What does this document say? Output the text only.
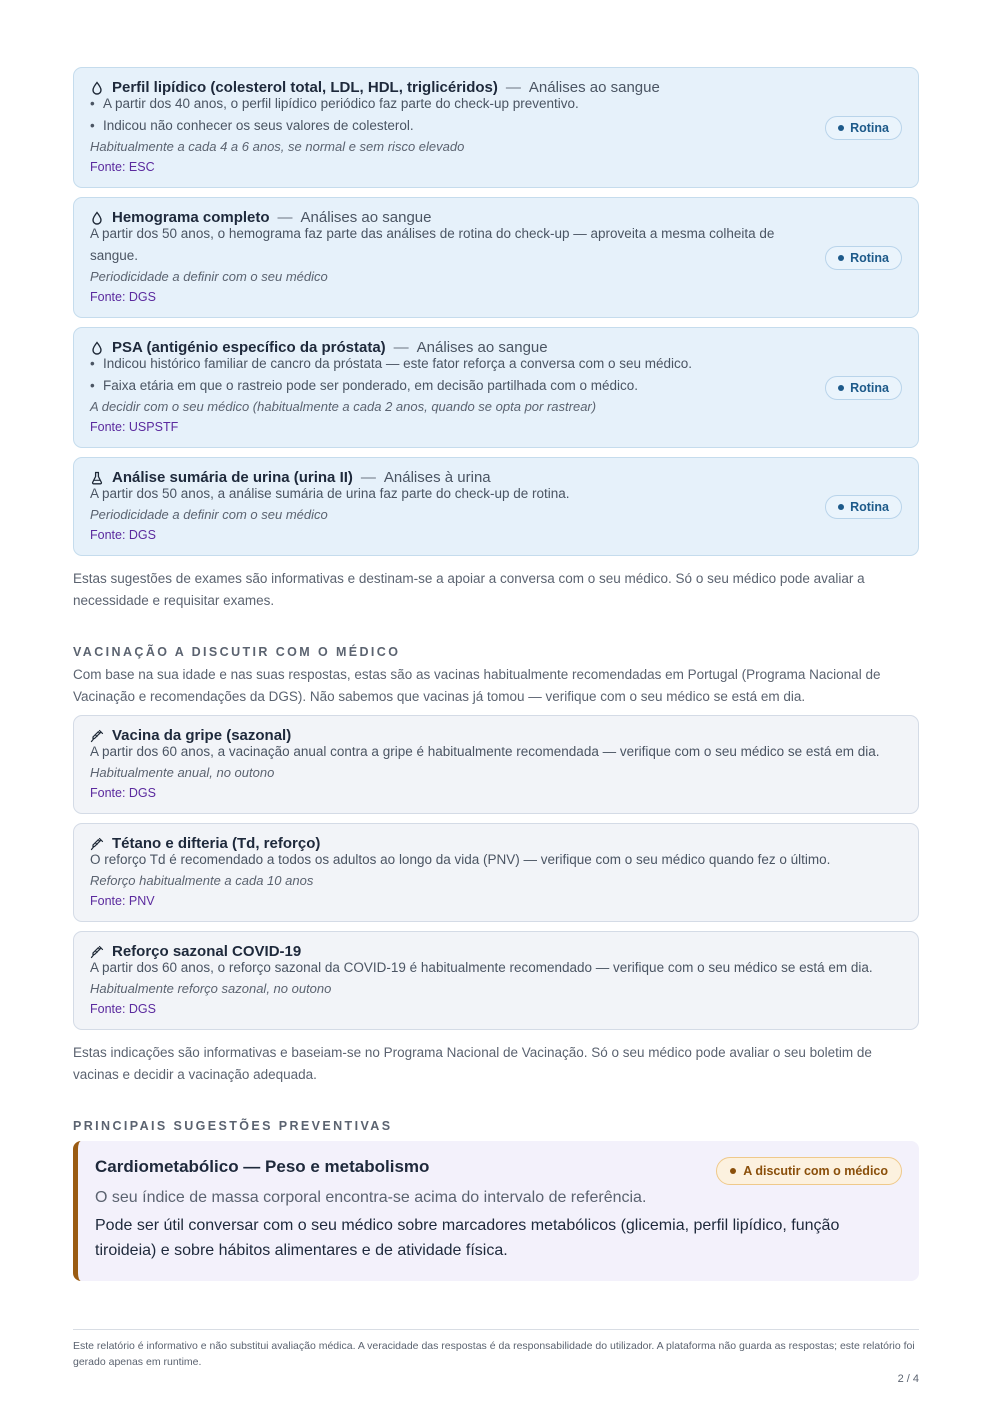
Perfil lipídico (colesterol total, LDL, HDL, triglicéridos) — Análises ao sangue
• A partir dos 40 anos, o perfil lipídico periódico faz parte do check-up preventivo.
• Indicou não conhecer os seus valores de colesterol.
Habitualmente a cada 4 a 6 anos, se normal e sem risco elevado
Fonte: ESC
Rotina
Hemograma completo — Análises ao sangue
A partir dos 50 anos, o hemograma faz parte das análises de rotina do check-up — aproveita a mesma colheita de sangue.
Periodicidade a definir com o seu médico
Fonte: DGS
Rotina
PSA (antigénio específico da próstata) — Análises ao sangue
• Indicou histórico familiar de cancro da próstata — este fator reforça a conversa com o seu médico.
• Faixa etária em que o rastreio pode ser ponderado, em decisão partilhada com o médico.
A decidir com o seu médico (habitualmente a cada 2 anos, quando se opta por rastrear)
Fonte: USPSTF
Rotina
Análise sumária de urina (urina II) — Análises à urina
A partir dos 50 anos, a análise sumária de urina faz parte do check-up de rotina.
Periodicidade a definir com o seu médico
Fonte: DGS
Rotina

Estas sugestões de exames são informativas e destinam-se a apoiar a conversa com o seu médico. Só o seu médico pode avaliar a necessidade e requisitar exames.

VACINAÇÃO A DISCUTIR COM O MÉDICO

Com base na sua idade e nas suas respostas, estas são as vacinas habitualmente recomendadas em Portugal (Programa Nacional de Vacinação e recomendações da DGS). Não sabemos que vacinas já tomou — verifique com o seu médico se está em dia.

Vacina da gripe (sazonal)
A partir dos 60 anos, a vacinação anual contra a gripe é habitualmente recomendada — verifique com o seu médico se está em dia.
Habitualmente anual, no outono
Fonte: DGS
Tétano e difteria (Td, reforço)
O reforço Td é recomendado a todos os adultos ao longo da vida (PNV) — verifique com o seu médico quando fez o último.
Reforço habitualmente a cada 10 anos
Fonte: PNV
Reforço sazonal COVID-19
A partir dos 60 anos, o reforço sazonal da COVID-19 é habitualmente recomendado — verifique com o seu médico se está em dia.
Habitualmente reforço sazonal, no outono
Fonte: DGS

Estas indicações são informativas e baseiam-se no Programa Nacional de Vacinação. Só o seu médico pode avaliar o seu boletim de vacinas e decidir a vacinação adequada.

PRINCIPAIS SUGESTÕES PREVENTIVAS
Cardiometabólico — Peso e metabolismo	A discutir com o médico
O seu índice de massa corporal encontra-se acima do intervalo de referência.
Pode ser útil conversar com o seu médico sobre marcadores metabólicos (glicemia, perfil lipídico, função tiroideia) e sobre hábitos alimentares e de atividade física.
Este relatório é informativo e não substitui avaliação médica. A veracidade das respostas é da responsabilidade do utilizador. A plataforma não guarda as respostas; este relatório foi gerado apenas em runtime.
2 / 4
